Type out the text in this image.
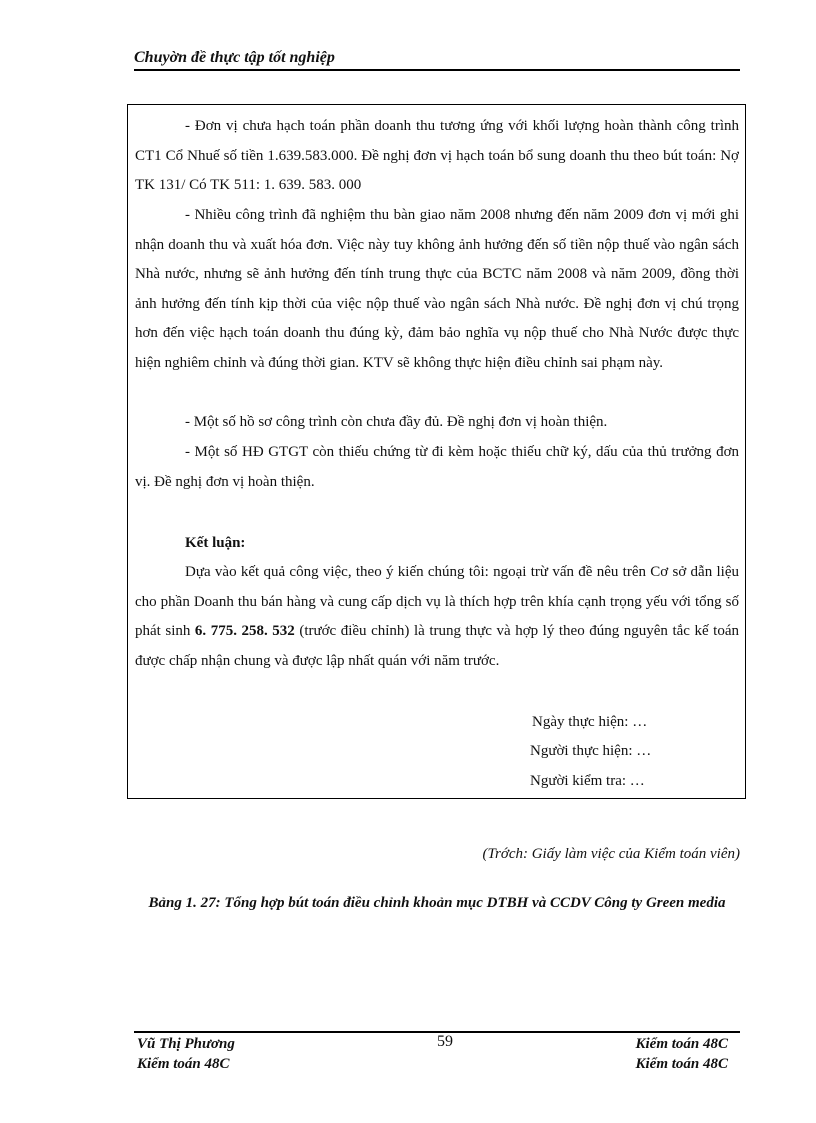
Chuyờn đề thực tập tốt nghiệp

- Đơn vị chưa hạch toán phần doanh thu tương ứng với khối lượng hoàn thành công trình CT1 Cổ Nhuế số tiền 1.639.583.000. Đề nghị đơn vị hạch toán bổ sung doanh thu theo bút toán: Nợ TK 131/ Có TK 511: 1. 639. 583. 000

- Nhiều công trình đã nghiệm thu bàn giao năm 2008 nhưng đến năm 2009 đơn vị mới ghi nhận doanh thu và xuất hóa đơn. Việc này tuy không ảnh hưởng đến số tiền nộp thuế vào ngân sách Nhà nước, nhưng sẽ ảnh hưởng đến tính trung thực của BCTC năm 2008 và năm 2009, đồng thời ảnh hưởng đến tính kịp thời của việc nộp thuế vào ngân sách Nhà nước. Đề nghị đơn vị chú trọng hơn đến việc hạch toán doanh thu đúng kỳ, đảm bảo nghĩa vụ nộp thuế cho Nhà Nước được thực hiện nghiêm chỉnh và đúng thời gian. KTV sẽ không thực hiện điều chỉnh sai phạm này.

- Một số hồ sơ công trình còn chưa đầy đủ. Đề nghị đơn vị hoàn thiện.

- Một số HĐ GTGT còn thiếu chứng từ đi kèm hoặc thiếu chữ ký, dấu của thủ trưởng đơn vị. Đề nghị đơn vị hoàn thiện.

Kết luận:

Dựa vào kết quả công việc, theo ý kiến chúng tôi: ngoại trừ vấn đề nêu trên Cơ sở dẫn liệu cho phần Doanh thu bán hàng và cung cấp dịch vụ là thích hợp trên khía cạnh trọng yếu với tổng số phát sinh 6. 775. 258. 532 (trước điều chỉnh) là trung thực và hợp lý theo đúng nguyên tắc kế toán được chấp nhận chung và được lập nhất quán với năm trước.

Ngày thực hiện: …
Người thực hiện: …
Người kiểm tra: …
(Trớch: Giấy làm việc của Kiểm toán viên)
Bảng 1. 27: Tổng hợp bút toán điều chỉnh khoản mục DTBH và CCDV Công ty Green media
Vũ Thị Phương
Kiểm toán 48C
59	Kiểm toán 48C
Kiểm toán 48C
